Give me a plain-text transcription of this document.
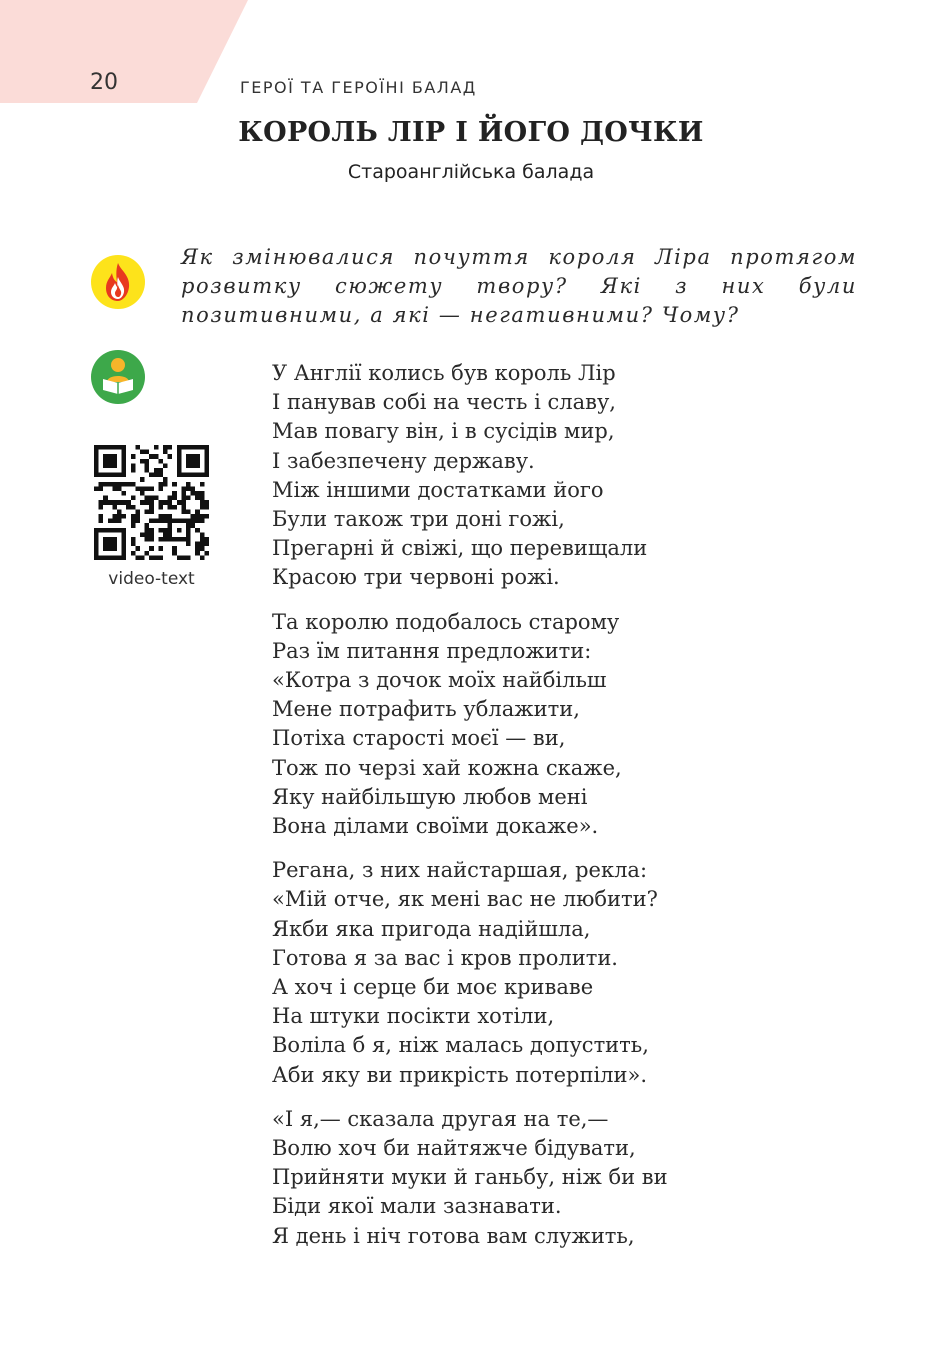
20	ГЕРОЇ ТА ГЕРОЇНІ БАЛАД
КОРОЛЬ ЛІР І ЙОГО ДОЧКИ
Староанглійська балада
Як змінювалися почуття короля Ліра протягом розвитку сюжету твору? Які з них були позитивними, а які — негативними? Чому?
video-text
У Англії колись був король Лір
І панував собі на честь і славу,
Мав повагу він, і в сусідів мир,
І забезпечену державу.
Між іншими достатками його
Були також три доні гожі,
Прегарні й свіжі, що перевищали
Красою три червоні рожі.
Та королю подобалось старому
Раз їм питання предложити:
«Котра з дочок моїх найбільш
Мене потрафить ублажити,
Потіха старості моєї — ви,
Тож по черзі хай кожна скаже,
Яку найбільшую любов мені
Вона ділами своїми докаже».
Регана, з них найстаршая, рекла:
«Мій отче, як мені вас не любити?
Якби яка пригода надійшла,
Готова я за вас і кров пролити.
А хоч і серце би моє криваве
На штуки посікти хотіли,
Воліла б я, ніж малась допустить,
Аби яку ви прикрість потерпіли».
«І я,— сказала другая на те,—
Волю хоч би найтяжче бідувати,
Прийняти муки й ганьбу, ніж би ви
Біди якої мали зазнавати.
Я день і ніч готова вам служить,
